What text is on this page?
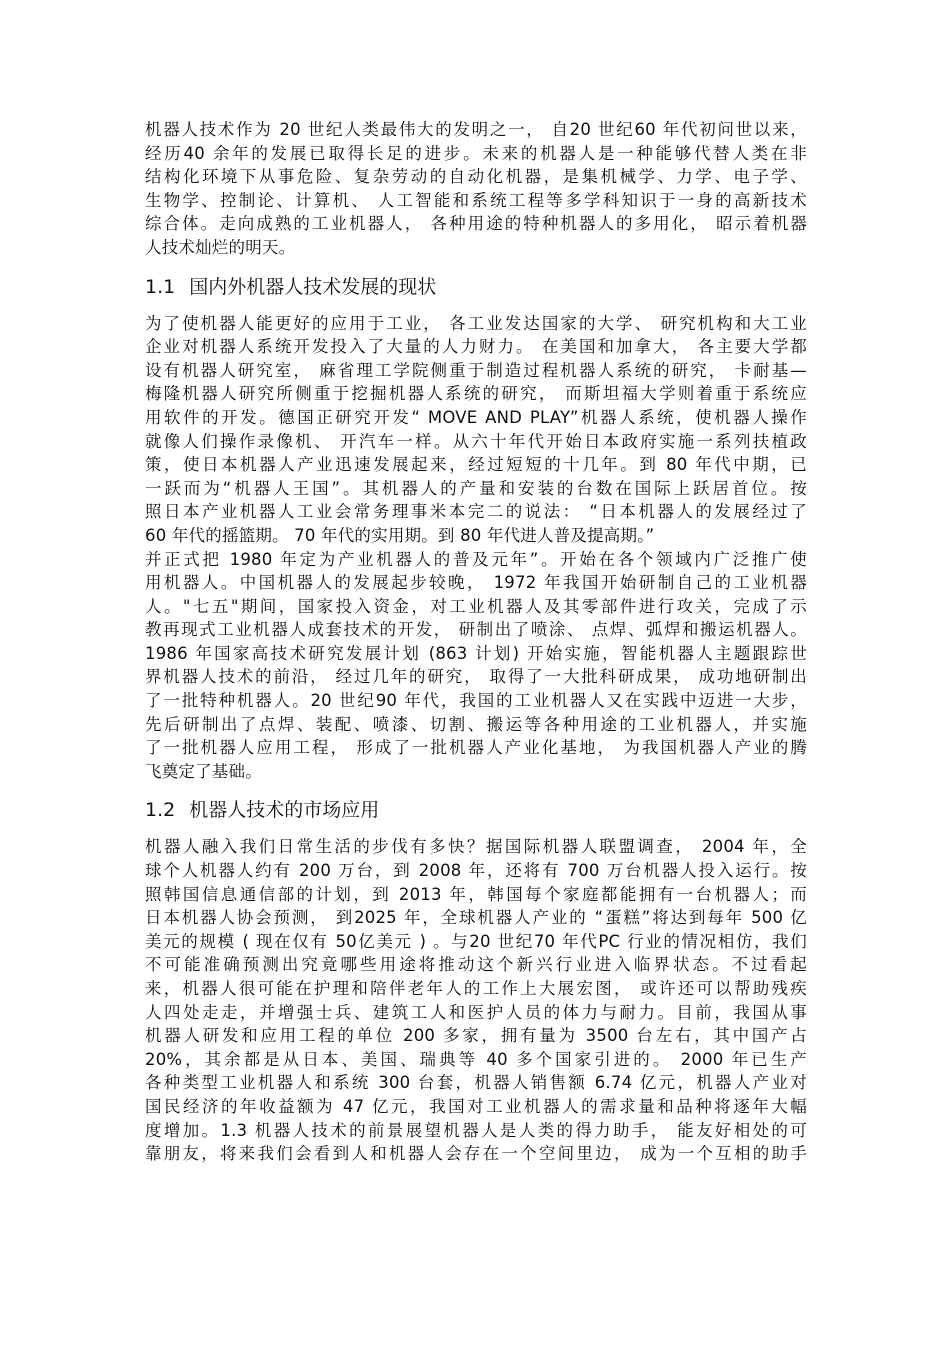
机器人技术作为 20 世纪人类最伟大的发明之一， 自20 世纪60 年代初问世以来，
经历40 余年的发展已取得长足的进步。未来的机器人是一种能够代替人类在非
结构化环境下从事危险、复杂劳动的自动化机器，是集机械学、力学、电子学、
生物学、控制论、计算机、 人工智能和系统工程等多学科知识于一身的高新技术
综合体。走向成熟的工业机器人， 各种用途的特种机器人的多用化， 昭示着机器
人技术灿烂的明天。
1.1 国内外机器人技术发展的现状
为了使机器人能更好的应用于工业， 各工业发达国家的大学、 研究机构和大工业
企业对机器人系统开发投入了大量的人力财力。 在美国和加拿大， 各主要大学都
设有机器人研究室， 麻省理工学院侧重于制造过程机器人系统的研究， 卡耐基—
梅隆机器人研究所侧重于挖掘机器人系统的研究， 而斯坦福大学则着重于系统应
用软件的开发。德国正研究开发“ MOVE AND PLAY”机器人系统，使机器人操作
就像人们操作录像机、 开汽车一样。从六十年代开始日本政府实施一系列扶植政
策，使日本机器人产业迅速发展起来，经过短短的十几年。到 80 年代中期，已
一跃而为“机器人王国”。其机器人的产量和安装的台数在国际上跃居首位。按
照日本产业机器人工业会常务理事米本完二的说法： “日本机器人的发展经过了
60 年代的摇篮期。 70 年代的实用期。到 80 年代进人普及提高期。”
并正式把 1980 年定为产业机器人的普及元年”。开始在各个领域内广泛推广使
用机器人。中国机器人的发展起步较晚， 1972 年我国开始研制自己的工业机器
人。"七五"期间，国家投入资金，对工业机器人及其零部件进行攻关，完成了示
教再现式工业机器人成套技术的开发， 研制出了喷涂、 点焊、弧焊和搬运机器人。
1986 年国家高技术研究发展计划 (863 计划) 开始实施，智能机器人主题跟踪世
界机器人技术的前沿， 经过几年的研究， 取得了一大批科研成果， 成功地研制出
了一批特种机器人。20 世纪90 年代，我国的工业机器人又在实践中迈进一大步，
先后研制出了点焊、装配、喷漆、切割、搬运等各种用途的工业机器人，并实施
了一批机器人应用工程， 形成了一批机器人产业化基地， 为我国机器人产业的腾
飞奠定了基础。
1.2 机器人技术的市场应用
机器人融入我们日常生活的步伐有多快？据国际机器人联盟调查， 2004 年，全
球个人机器人约有 200 万台，到 2008 年，还将有 700 万台机器人投入运行。按
照韩国信息通信部的计划，到 2013 年，韩国每个家庭都能拥有一台机器人；而
日本机器人协会预测， 到2025 年，全球机器人产业的 “蛋糕”将达到每年 500 亿
美元的规模 ( 现在仅有 50亿美元 ) 。与20 世纪70 年代PC 行业的情况相仿，我们
不可能准确预测出究竟哪些用途将推动这个新兴行业进入临界状态。不过看起
来，机器人很可能在护理和陪伴老年人的工作上大展宏图， 或许还可以帮助残疾
人四处走走，并增强士兵、建筑工人和医护人员的体力与耐力。目前，我国从事
机器人研发和应用工程的单位 200 多家，拥有量为 3500 台左右，其中国产占
20%，其余都是从日本、美国、瑞典等 40 多个国家引进的。 2000 年已生产
各种类型工业机器人和系统 300 台套，机器人销售额 6.74 亿元，机器人产业对
国民经济的年收益额为 47 亿元，我国对工业机器人的需求量和品种将逐年大幅
度增加。1.3 机器人技术的前景展望机器人是人类的得力助手， 能友好相处的可
靠朋友，将来我们会看到人和机器人会存在一个空间里边， 成为一个互相的助手
